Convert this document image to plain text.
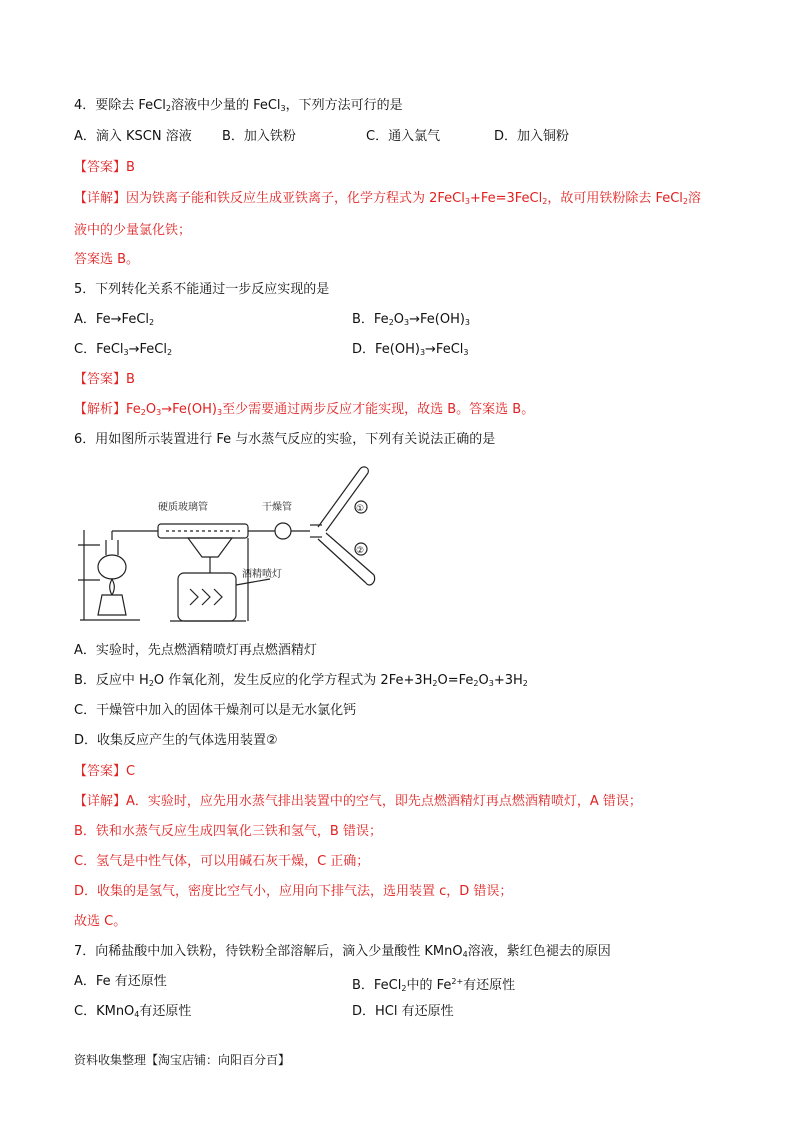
4．要除去 FeCl$_2$溶液中少量的 FeCl$_3$，下列方法可行的是
A．滴入 KSCN 溶液 B．加入铁粉	C．通入氯气	D．加入铜粉
【答案】B
【详解】因为铁离子能和铁反应生成亚铁离子，化学方程式为 2FeCl$_3$+Fe=3FeCl$_2$，故可用铁粉除去 FeCl$_2$溶
液中的少量氯化铁；
答案选 B。
5．下列转化关系不能通过一步反应实现的是
A．Fe→FeCl$_2$	B．$Fe_2O_3\to Fe(OH)_3$
C．FeCl$_3$→FeCl$_2$	D．$Fe(OH)_3\to FeCl_3$
【答案】B
【解析】$Fe_2O_3\to Fe(OH)_3$至少需要通过两步反应才能实现，故选 B。答案选 B。
6．用如图所示装置进行 Fe 与水蒸气反应的实验，下列有关说法正确的是
硬质玻璃管	干燥管
酒精喷灯
①
②
A．实验时，先点燃酒精喷灯再点燃酒精灯
B．反应中 $H_2O$ 作氧化剂，发生反应的化学方程式为 $2Fe+3H_2O=Fe_2O_3+3H_2$
C．干燥管中加入的固体干燥剂可以是无水氯化钙
D．收集反应产生的气体选用装置②
【答案】C
【详解】A．实验时，应先用水蒸气排出装置中的空气，即先点燃酒精灯再点燃酒精喷灯，A 错误；
B．铁和水蒸气反应生成四氧化三铁和氢气，B 错误；
C．氢气是中性气体，可以用碱石灰干燥，C 正确；
D．收集的是氢气，密度比空气小，应用向下排气法，选用装置 c，D 错误；
故选 C。
7．向稀盐酸中加入铁粉，待铁粉全部溶解后，滴入少量酸性 KMnO$_4$溶液，紫红色褪去的原因
A．Fe 有还原性	B．FeCl$_2$中的 $Fe^{2+}$有还原性
C．KMnO$_4$有还原性	D．HCl 有还原性
资料收集整理【淘宝店铺：向阳百分百】
